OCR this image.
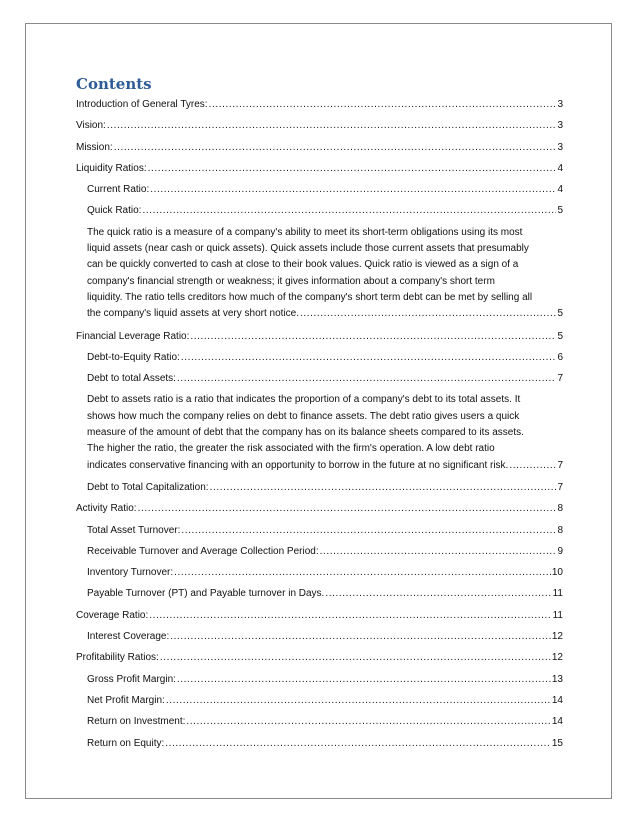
Contents
Introduction of General Tyres: .....	3
Vision: .....	3
Mission: .....	3
Liquidity Ratios: .....	4
Current Ratio: .....	4
Quick Ratio: .....	5
The quick ratio is a measure of a company's ability to meet its short-term obligations using its most
liquid assets (near cash or quick assets). Quick assets include those current assets that presumably
can be quickly converted to cash at close to their book values. Quick ratio is viewed as a sign of a
company's financial strength or weakness; it gives information about a company's short term
liquidity. The ratio tells creditors how much of the company's short term debt can be met by selling all
the company's liquid assets at very short notice. .....	5
Financial Leverage Ratio: .....	5
Debt-to-Equity Ratio: .....	6
Debt to total Assets: .....	7
Debt to assets ratio is a ratio that indicates the proportion of a company's debt to its total assets. It
shows how much the company relies on debt to finance assets. The debt ratio gives users a quick
measure of the amount of debt that the company has on its balance sheets compared to its assets.
The higher the ratio, the greater the risk associated with the firm's operation. A low debt ratio
indicates conservative financing with an opportunity to borrow in the future at no significant risk. .....	7
Debt to Total Capitalization: .....	7
Activity Ratio: .....	8
Total Asset Turnover: .....	8
Receivable Turnover and Average Collection Period: .....	9
Inventory Turnover: .....	10
Payable Turnover (PT) and Payable turnover in Days. .....	11
Coverage Ratio: .....	11
Interest Coverage: .....	12
Profitability Ratios: .....	12
Gross Profit Margin: .....	13
Net Profit Margin: .....	14
Return on Investment: .....	14
Return on Equity: .....	15
